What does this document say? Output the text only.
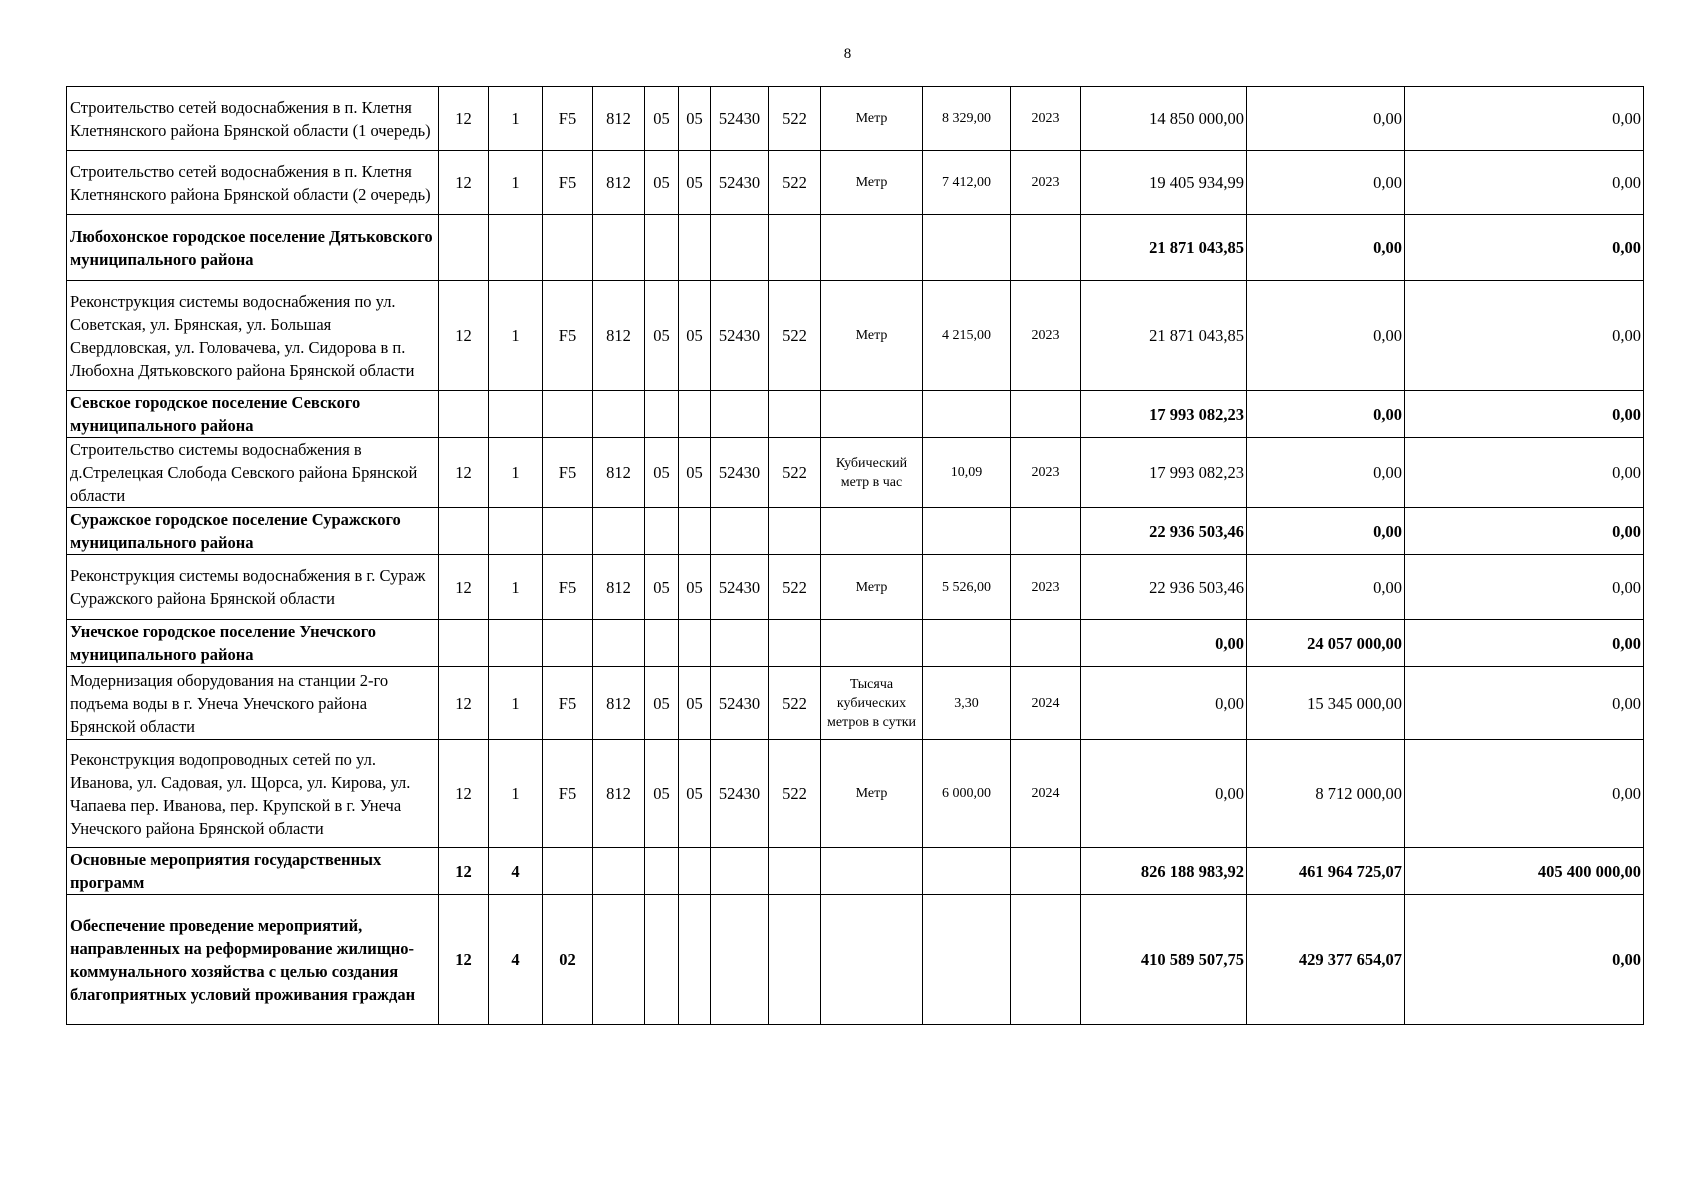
8
Строительство сетей водоснабжения в п. Клетня Клетнянского района Брянской области (1 очередь)	12	1	F5	812	05	05	52430	522	Метр	8 329,00	2023	14 850 000,00	0,00	0,00
Строительство сетей водоснабжения в п. Клетня Клетнянского района Брянской области (2 очередь)	12	1	F5	812	05	05	52430	522	Метр	7 412,00	2023	19 405 934,99	0,00	0,00
Любохонское городское поселение Дятьковского муниципального района												21 871 043,85	0,00	0,00
Реконструкция системы водоснабжения по ул. Советская, ул. Брянская, ул. Большая Свердловская, ул. Головачева, ул. Сидорова в п. Любохна Дятьковского района Брянской области	12	1	F5	812	05	05	52430	522	Метр	4 215,00	2023	21 871 043,85	0,00	0,00
Севское городское поселение Севского муниципального района												17 993 082,23	0,00	0,00
Строительство системы водоснабжения в д.Стрелецкая Слобода Севского района Брянской области	12	1	F5	812	05	05	52430	522	Кубический метр в час	10,09	2023	17 993 082,23	0,00	0,00
Суражское городское поселение Суражского муниципального района												22 936 503,46	0,00	0,00
Реконструкция системы водоснабжения в г. Сураж Суражского района Брянской области	12	1	F5	812	05	05	52430	522	Метр	5 526,00	2023	22 936 503,46	0,00	0,00
Унечское городское поселение Унечского муниципального района												0,00	24 057 000,00	0,00
Модернизация оборудования на станции 2-го подъема воды в г. Унеча Унечского района Брянской области	12	1	F5	812	05	05	52430	522	Тысяча кубических метров в сутки	3,30	2024	0,00	15 345 000,00	0,00
Реконструкция водопроводных сетей по ул. Иванова, ул. Садовая, ул. Щорса, ул. Кирова, ул. Чапаева пер. Иванова, пер. Крупской в г. Унеча Унечского района Брянской области	12	1	F5	812	05	05	52430	522	Метр	6 000,00	2024	0,00	8 712 000,00	0,00
Основные мероприятия государственных программ	12	4										826 188 983,92	461 964 725,07	405 400 000,00
Обеспечение проведение мероприятий, направленных на реформирование жилищно-коммунального хозяйства с целью создания благоприятных условий проживания граждан	12	4	02									410 589 507,75	429 377 654,07	0,00
